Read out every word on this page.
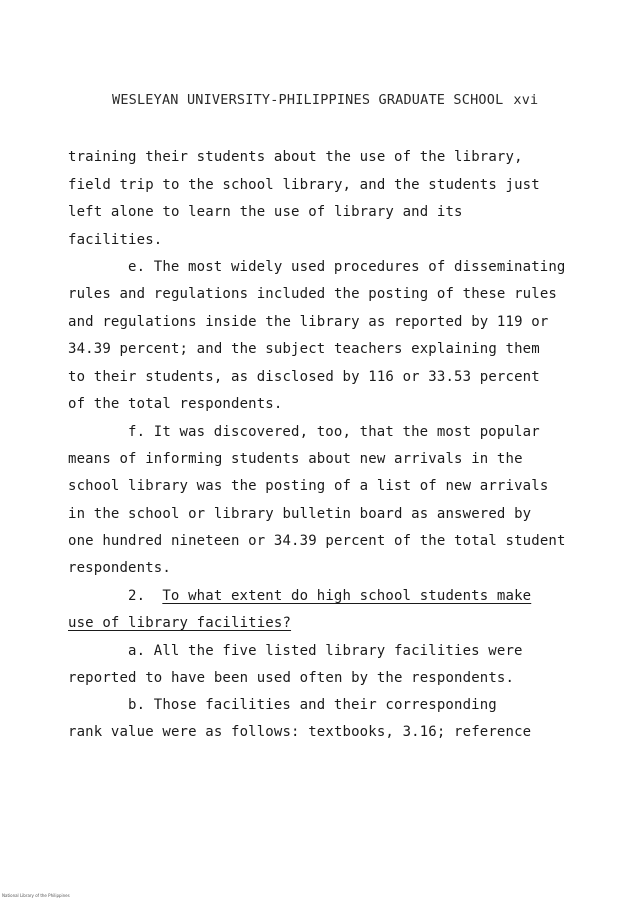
WESLEYAN UNIVERSITY-PHILIPPINES GRADUATE SCHOOL xvi
training their students about the use of the library,
field trip to the school library, and the students just
left alone to learn the use of library and its
facilities.
e. The most widely used procedures of disseminating
rules and regulations included the posting of these rules
and regulations inside the library as reported by 119 or
34.39 percent; and the subject teachers explaining them
to their students, as disclosed by 116 or 33.53 percent
of the total respondents.
f. It was discovered, too, that the most popular
means of informing students about new arrivals in the
school library was the posting of a list of new arrivals
in the school or library bulletin board as answered by
one hundred nineteen or 34.39 percent of the total student
respondents.
2. To what extent do high school students make
use of library facilities?
a. All the five listed library facilities were
reported to have been used often by the respondents.
b. Those facilities and their corresponding
rank value were as follows: textbooks, 3.16; reference
National Library of the Philippines
